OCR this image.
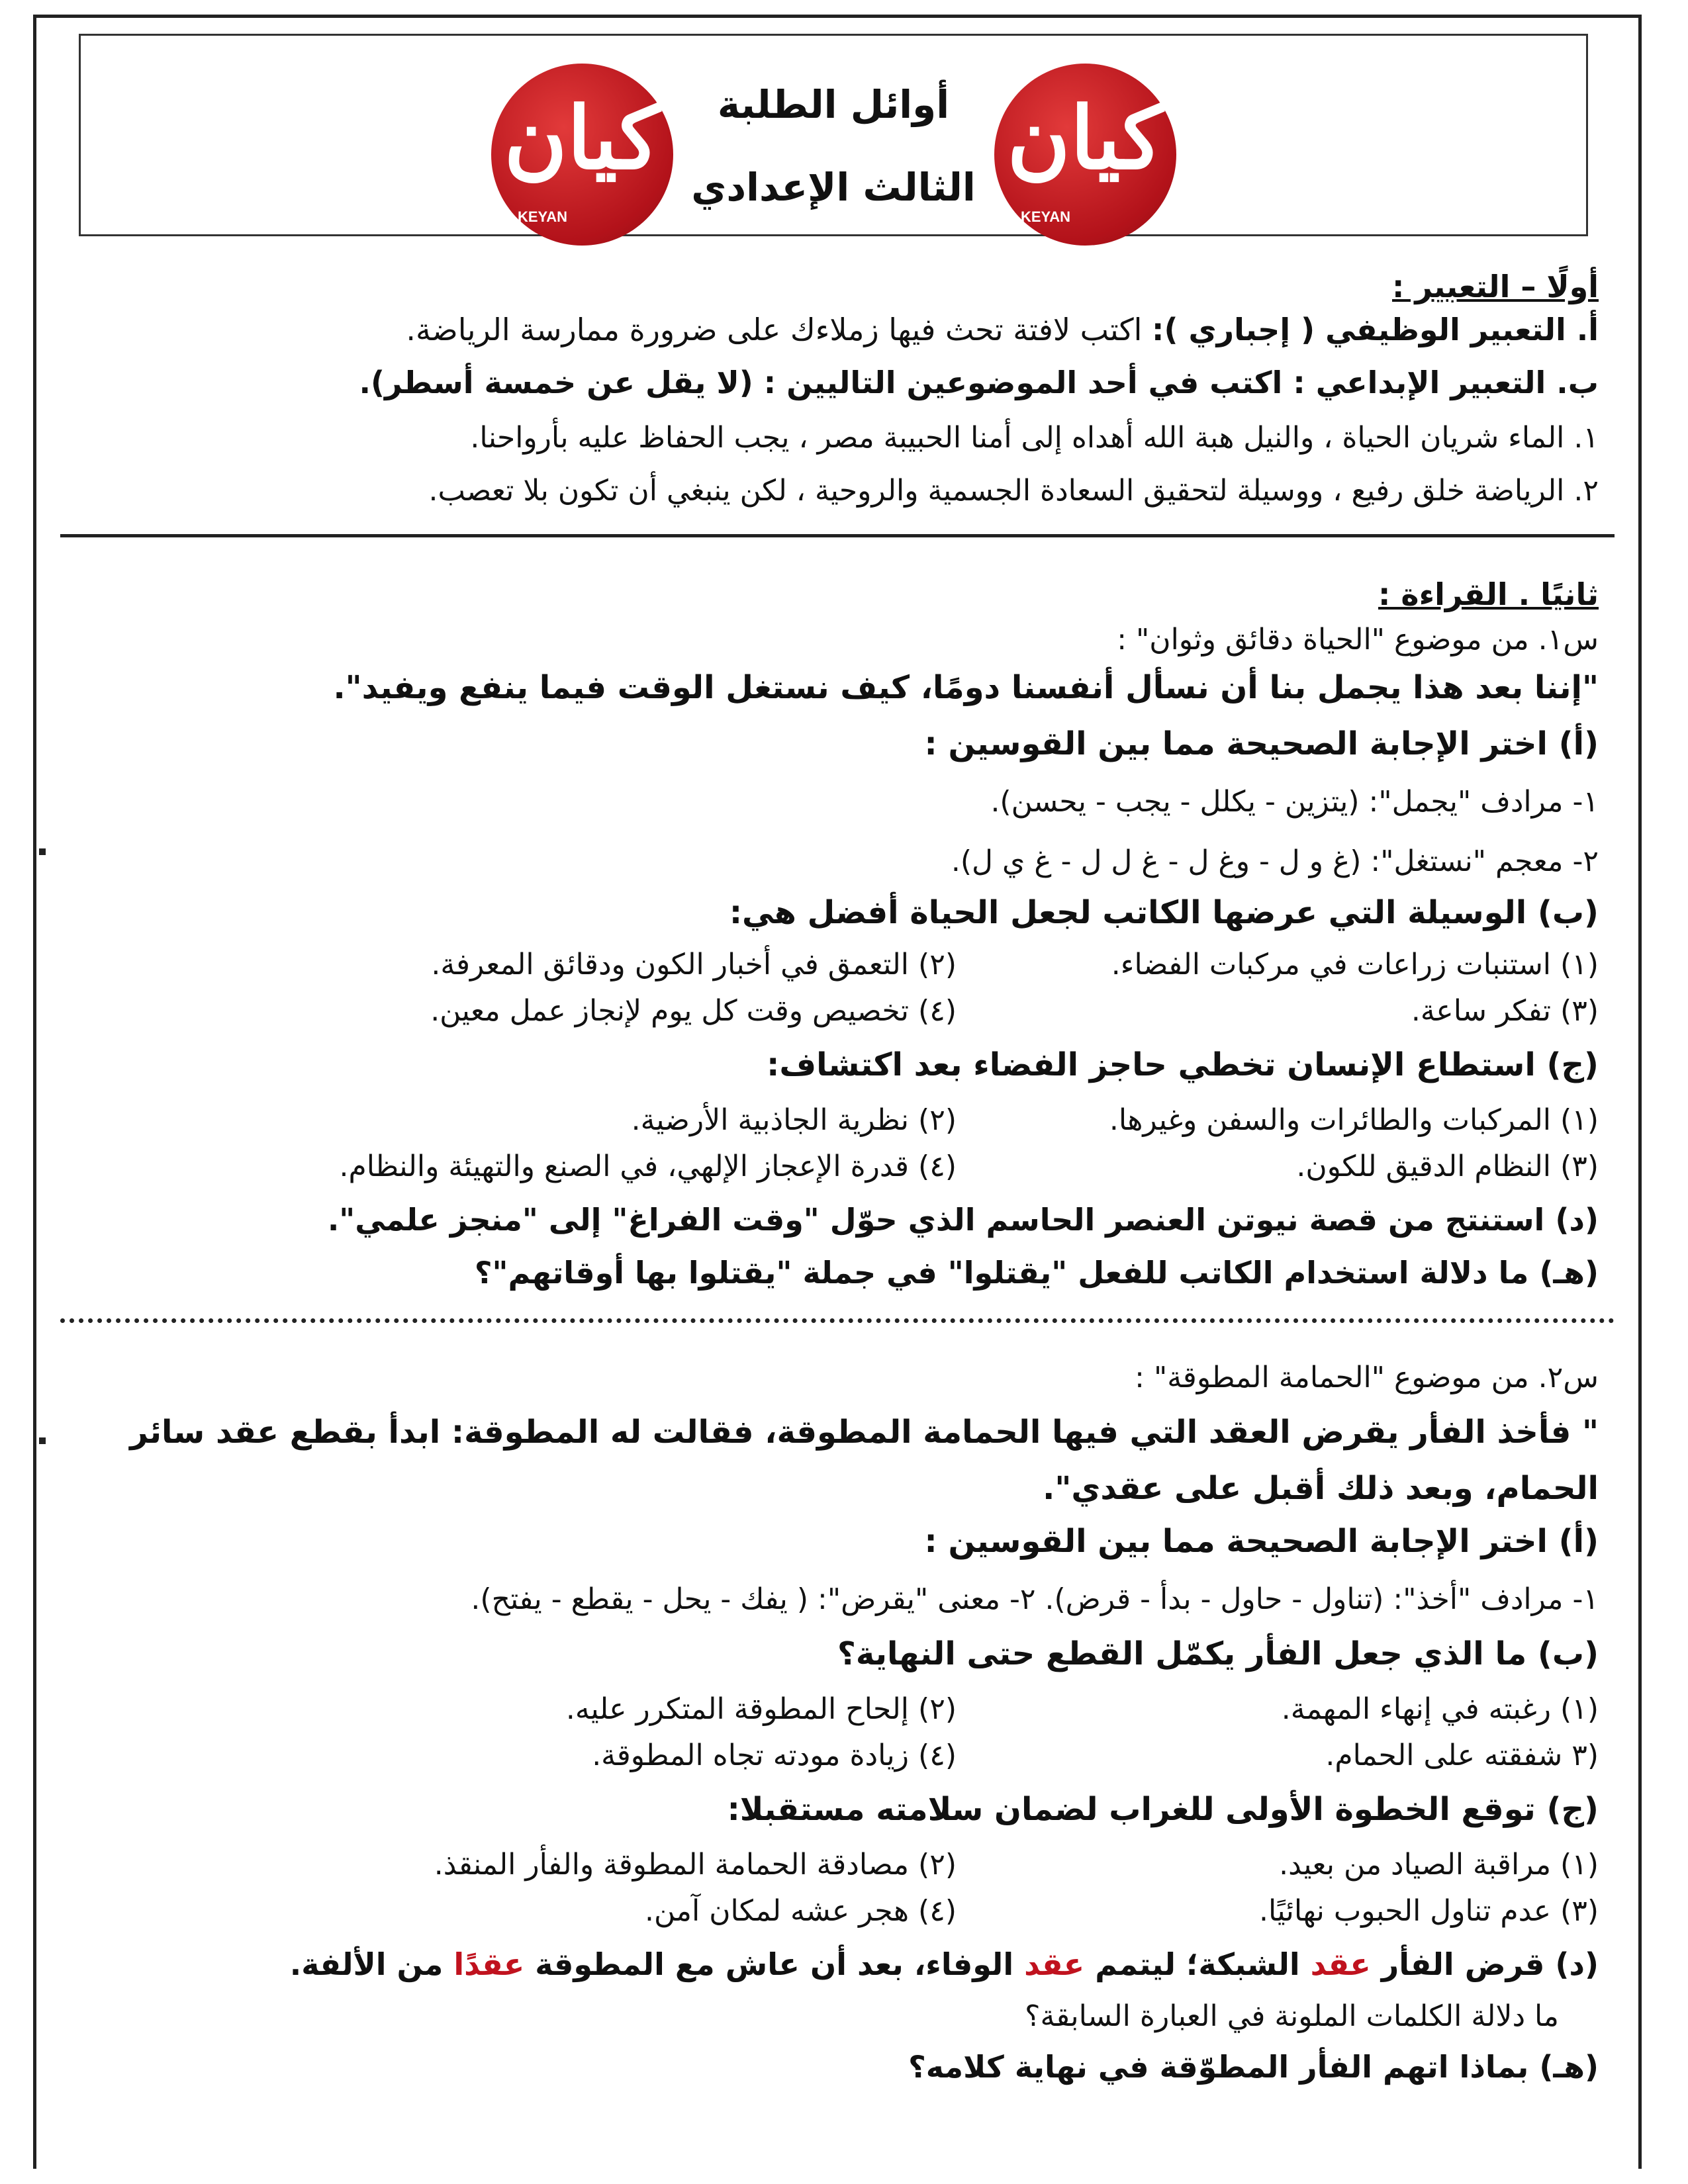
كيان
KEYAN
كيان
KEYAN
أوائل الطلبة
الثالث الإعدادي
أولًا – التعبير :
أ. التعبير الوظيفي ( إجباري ): اكتب لافتة تحث فيها زملاءك على ضرورة ممارسة الرياضة.
ب. التعبير الإبداعي : اكتب في أحد الموضوعين التاليين : (لا يقل عن خمسة أسطر).
١. الماء شريان الحياة ، والنيل هبة الله أهداه إلى أمنا الحبيبة مصر ، يجب الحفاظ عليه بأرواحنا.
٢. الرياضة خلق رفيع ، ووسيلة لتحقيق السعادة الجسمية والروحية ، لكن ينبغي أن تكون بلا تعصب.
ثانيًا . القراءة :
س١. من موضوع "الحياة دقائق وثوان" :
"إننا بعد هذا يجمل بنا أن نسأل أنفسنا دومًا، كيف نستغل الوقت فيما ينفع ويفيد".
(أ) اختر الإجابة الصحيحة مما بين القوسين :
١- مرادف "يجمل": (يتزين - يكلل - يجب - يحسن).
٢- معجم "نستغل": (غ و ل - وغ ل - غ ل ل - غ ي ل).
(ب) الوسيلة التي عرضها الكاتب لجعل الحياة أفضل هي:
(١) استنبات زراعات في مركبات الفضاء.
(٢) التعمق في أخبار الكون ودقائق المعرفة.
(٣) تفكر ساعة.
(٤) تخصيص وقت كل يوم لإنجاز عمل معين.
(ج) استطاع الإنسان تخطي حاجز الفضاء بعد اكتشاف:
(١) المركبات والطائرات والسفن وغيرها.
(٢) نظرية الجاذبية الأرضية.
(٣) النظام الدقيق للكون.
(٤) قدرة الإعجاز الإلهي، في الصنع والتهيئة والنظام.
(د) استنتج من قصة نيوتن العنصر الحاسم الذي حوّل "وقت الفراغ" إلى "منجز علمي".
(هـ) ما دلالة استخدام الكاتب للفعل "يقتلوا" في جملة "يقتلوا بها أوقاتهم"؟
س٢. من موضوع "الحمامة المطوقة" :
" فأخذ الفأر يقرض العقد التي فيها الحمامة المطوقة، فقالت له المطوقة: ابدأ بقطع عقد سائر
الحمام، وبعد ذلك أقبل على عقدي".
(أ) اختر الإجابة الصحيحة مما بين القوسين :
١- مرادف "أخذ": (تناول - حاول - بدأ - قرض). ٢- معنى "يقرض": ( يفك - يحل - يقطع - يفتح).
(ب) ما الذي جعل الفأر يكمّل القطع حتى النهاية؟
(١) رغبته في إنهاء المهمة.
(٢) إلحاح المطوقة المتكرر عليه.
(٣ شفقته على الحمام.
(٤) زيادة مودته تجاه المطوقة.
(ج) توقع الخطوة الأولى للغراب لضمان سلامته مستقبلا:
(١) مراقبة الصياد من بعيد.
(٢) مصادقة الحمامة المطوقة والفأر المنقذ.
(٣) عدم تناول الحبوب نهائيًا.
(٤) هجر عشه لمكان آمن.
(د) قرض الفأر عقد الشبكة؛ ليتمم عقد الوفاء، بعد أن عاش مع المطوقة عقدًا من الألفة.
ما دلالة الكلمات الملونة في العبارة السابقة؟
(هـ) بماذا اتهم الفأر المطوّقة في نهاية كلامه؟
